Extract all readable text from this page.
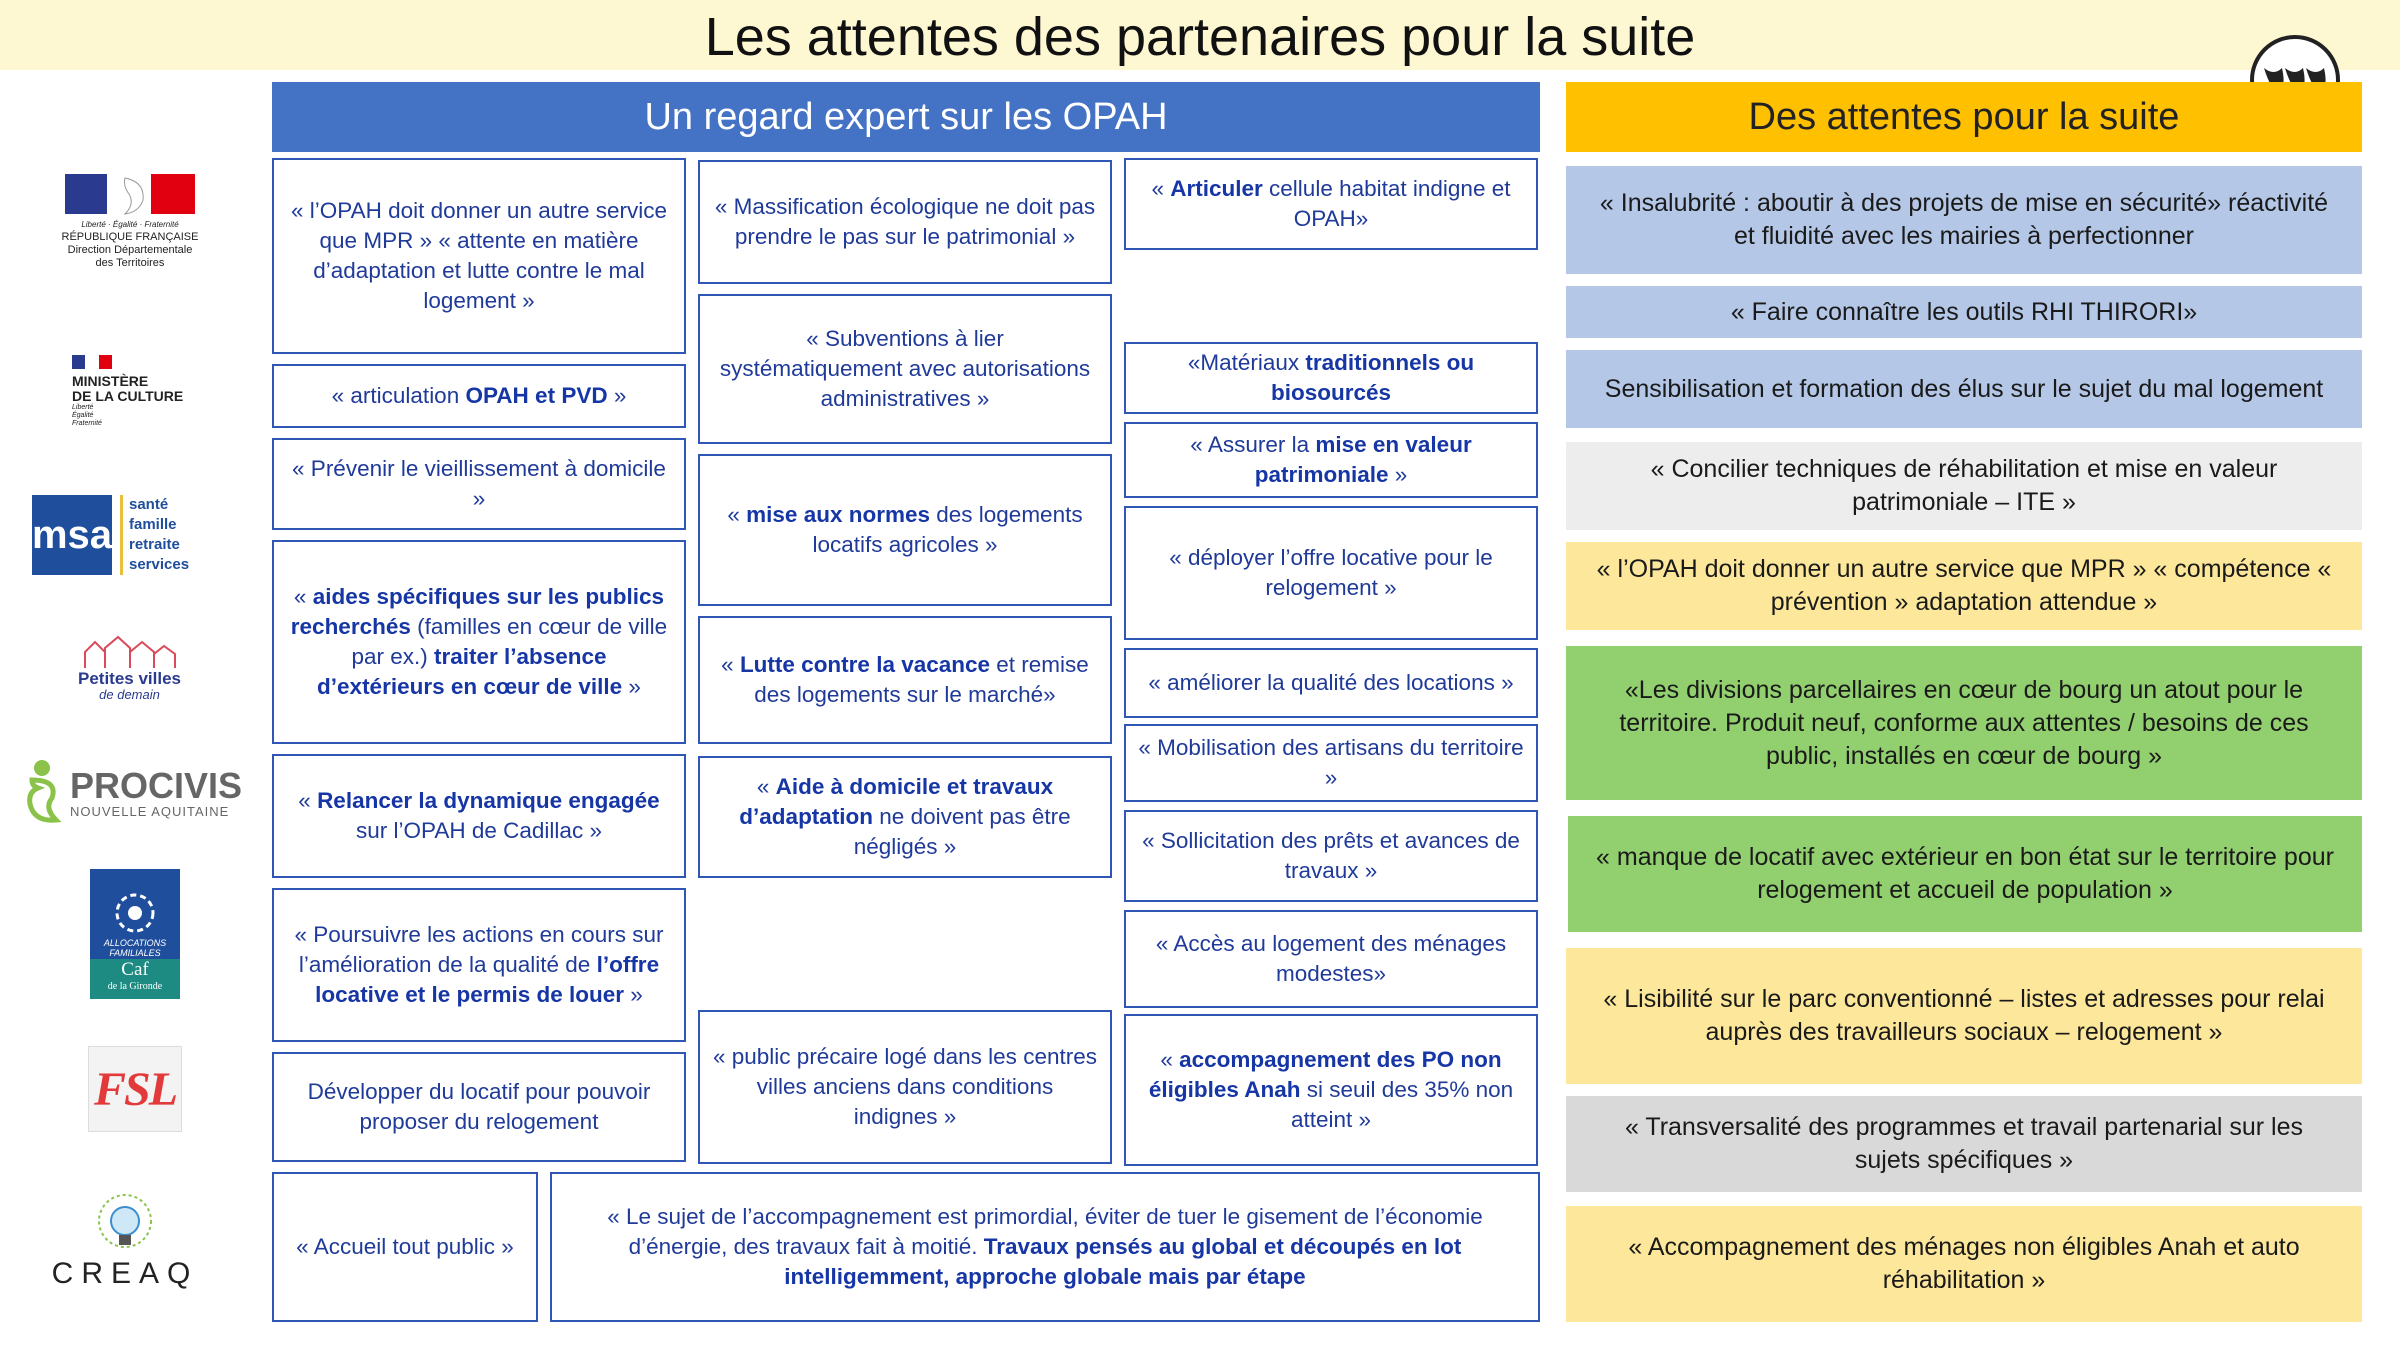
Les attentes des partenaires pour la suite
Un regard expert sur les OPAH	Des attentes pour la suite
Liberté · Égalité · Fraternité
RÉPUBLIQUE FRANÇAISE
Direction Départementale
des Territoires
MINISTÈRE
DE LA CULTURE
Liberté
Égalité
Fraternité
msa
santé
famille
retraite
services
Petites villes
de demain
PROCIVIS
NOUVELLE AQUITAINE
ALLOCATIONS
FAMILIALES
Caf
de la Gironde
FSL
CREAQ
« l’OPAH doit donner un autre service que MPR » « attente en matière d’adaptation et lutte contre le mal logement »
« articulation OPAH et PVD »
« Prévenir le vieillissement à domicile »
« aides spécifiques sur les publics recherchés (familles en cœur de ville par ex.) traiter l’absence d’extérieurs en cœur de ville »
« Relancer la dynamique engagée sur l’OPAH de Cadillac »
« Poursuivre les actions en cours sur l’amélioration de la qualité de l’offre locative et le permis de louer »
Développer du locatif pour pouvoir proposer du relogement
« Massification écologique ne doit pas prendre le pas sur le patrimonial »
« Subventions à lier systématiquement avec autorisations administratives »
« mise aux normes des logements locatifs agricoles »
« Lutte contre la vacance et remise des logements sur le marché»
« Aide à domicile et travaux d’adaptation ne doivent pas être négligés »
« public précaire logé dans les centres villes anciens dans conditions indignes »
« Articuler cellule habitat indigne et OPAH»
«Matériaux traditionnels ou biosourcés
« Assurer la mise en valeur patrimoniale »
« déployer l’offre locative pour le relogement »
« améliorer la qualité des locations »
« Mobilisation des artisans du territoire »
« Sollicitation des prêts et avances de travaux »
« Accès au logement des ménages modestes»
« accompagnement des PO non éligibles Anah si seuil des 35% non atteint »
« Accueil tout public »
« Le sujet de l’accompagnement est primordial, éviter de tuer le gisement de l’économie d’énergie, des travaux fait à moitié. Travaux pensés au global et découpés en lot intelligemment, approche globale mais par étape
« Insalubrité : aboutir à des projets de mise en sécurité» réactivité et fluidité avec les mairies à perfectionner
« Faire connaître les outils RHI THIRORI»
Sensibilisation et formation des élus sur le sujet du mal logement
« Concilier techniques de réhabilitation et mise en valeur patrimoniale – ITE »
« l’OPAH doit donner un autre service que MPR » « compétence « prévention » adaptation attendue »
«Les divisions parcellaires en cœur de bourg un atout pour le territoire. Produit neuf, conforme aux attentes / besoins de ces public, installés en cœur de bourg »
« manque de locatif avec extérieur en bon état sur le territoire pour relogement et accueil de population »
« Lisibilité sur le parc conventionné – listes et adresses pour relai auprès des travailleurs sociaux – relogement »
« Transversalité des programmes et travail partenarial sur les sujets spécifiques »
« Accompagnement des ménages non éligibles Anah et auto réhabilitation »
